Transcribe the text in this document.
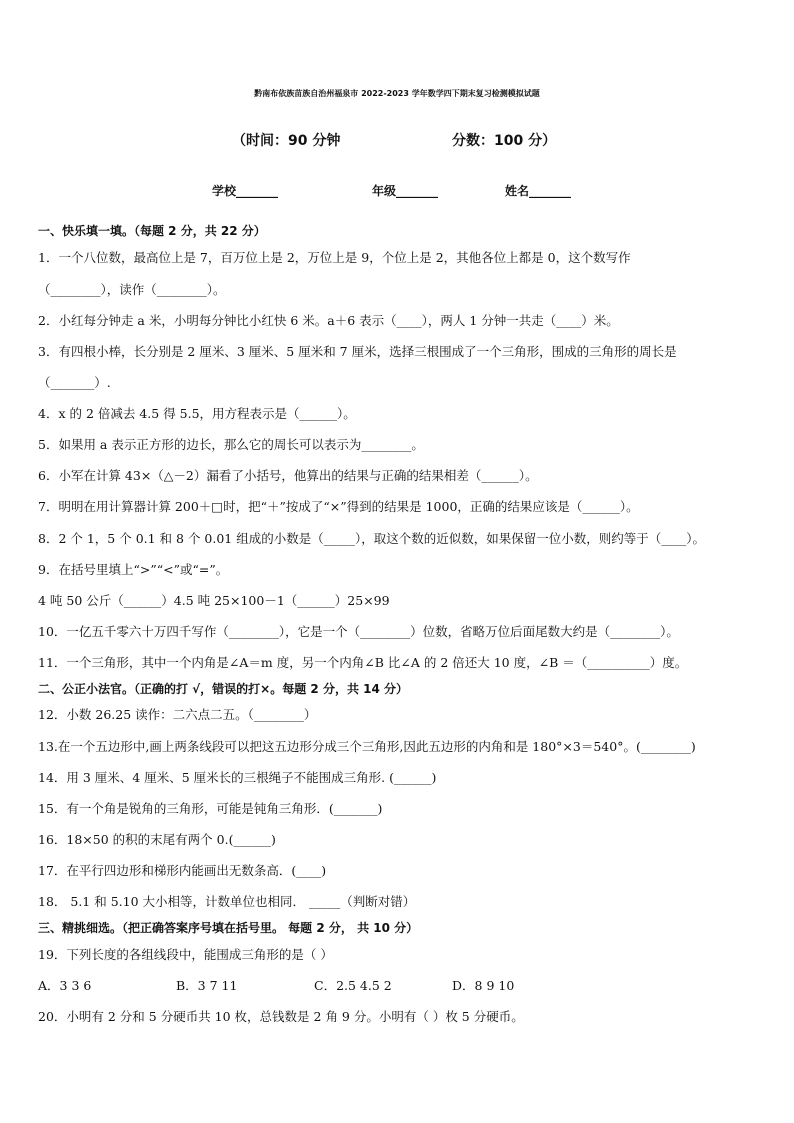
黔南布依族苗族自治州福泉市 2022-2023 学年数学四下期末复习检测模拟试题
（时间：90 分钟	分数：100 分）
学校_______	年级_______	姓名_______
一、快乐填一填。（每题 2 分，共 22 分）
1．一个八位数，最高位上是 7，百万位上是 2，万位上是 9，个位上是 2，其他各位上都是 0，这个数写作
（________），读作（________）。
2．小红每分钟走 a 米，小明每分钟比小红快 6 米。a＋6 表示（____），两人 1 分钟一共走（____）米。
3．有四根小棒，长分别是 2 厘米、3 厘米、5 厘米和 7 厘米，选择三根围成了一个三角形，围成的三角形的周长是
（_______）.
4．x 的 2 倍减去 4.5 得 5.5，用方程表示是（______）。
5．如果用 a 表示正方形的边长，那么它的周长可以表示为________。
6．小军在计算 43×（△－2）漏看了小括号，他算出的结果与正确的结果相差（______）。
7．明明在用计算器计算 200＋□时，把“＋”按成了“×”得到的结果是 1000，正确的结果应该是（______）。
8．2 个 1，5 个 0.1 和 8 个 0.01 组成的小数是（_____），取这个数的近似数，如果保留一位小数，则约等于（____）。
9．在括号里填上“>”“<”或“=”。
4 吨 50 公斤（______）4.5 吨 25×100－1（______）25×99
10．一亿五千零六十万四千写作（________），它是一个（________）位数，省略万位后面尾数大约是（________）。
11．一个三角形，其中一个内角是∠A＝m 度，另一个内角∠B 比∠A 的 2 倍还大 10 度，∠B ＝（__________）度。
二、公正小法官。（正确的打 √，错误的打×。每题 2 分，共 14 分）
12．小数 26.25 读作：二六点二五。（________）
13.在一个五边形中,画上两条线段可以把这五边形分成三个三角形,因此五边形的内角和是 180°×3＝540°。(________)
14．用 3 厘米、4 厘米、5 厘米长的三根绳子不能围成三角形. (______)
15．有一个角是锐角的三角形，可能是钝角三角形．(_______)
16．18×50 的积的末尾有两个 0.(______)
17．在平行四边形和梯形内能画出无数条高．(____)
18． 5.1 和 5.10 大小相等，计数单位也相同． _____（判断对错）
三、精挑细选。（把正确答案序号填在括号里。 每题 2 分， 共 10 分）
19．下列长度的各组线段中，能围成三角形的是（ ）
A．3 3 6	B．3 7 11	C．2.5 4.5 2	D．8 9 10
20．小明有 2 分和 5 分硬币共 10 枚，总钱数是 2 角 9 分。小明有（ ）枚 5 分硬币。
